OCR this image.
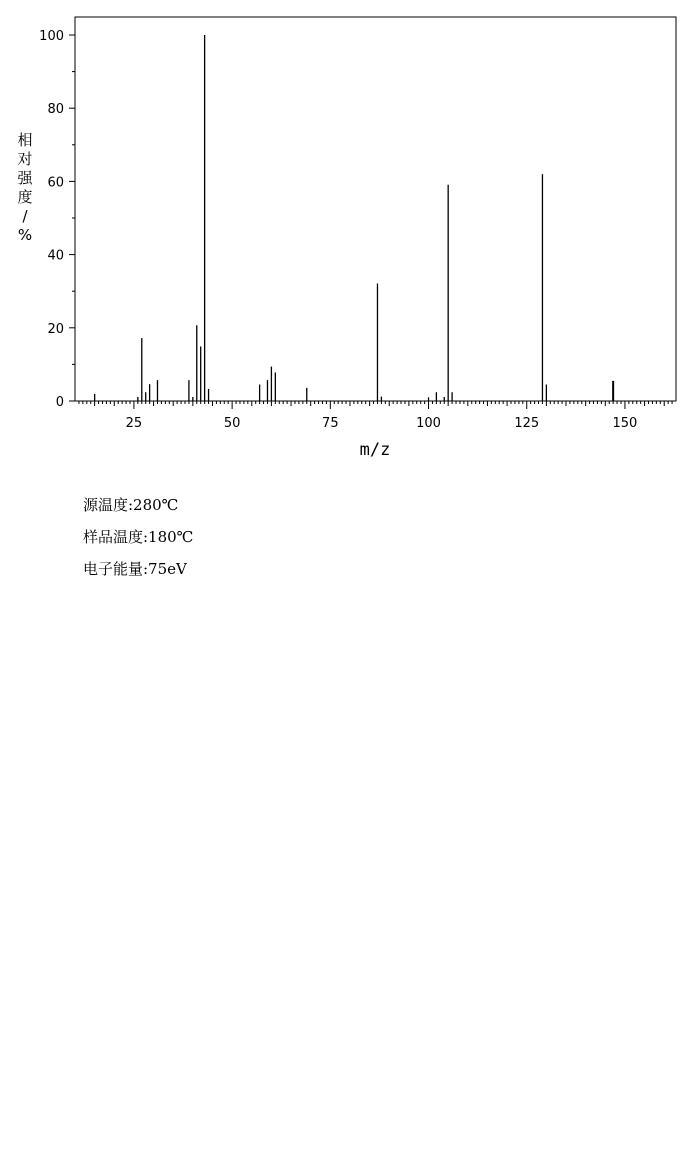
0
20
40
60
80
100
25	50	75	100	125	150
m/z
相对强度/ %
源温度:280℃
样品温度:180℃
电子能量:75eV
